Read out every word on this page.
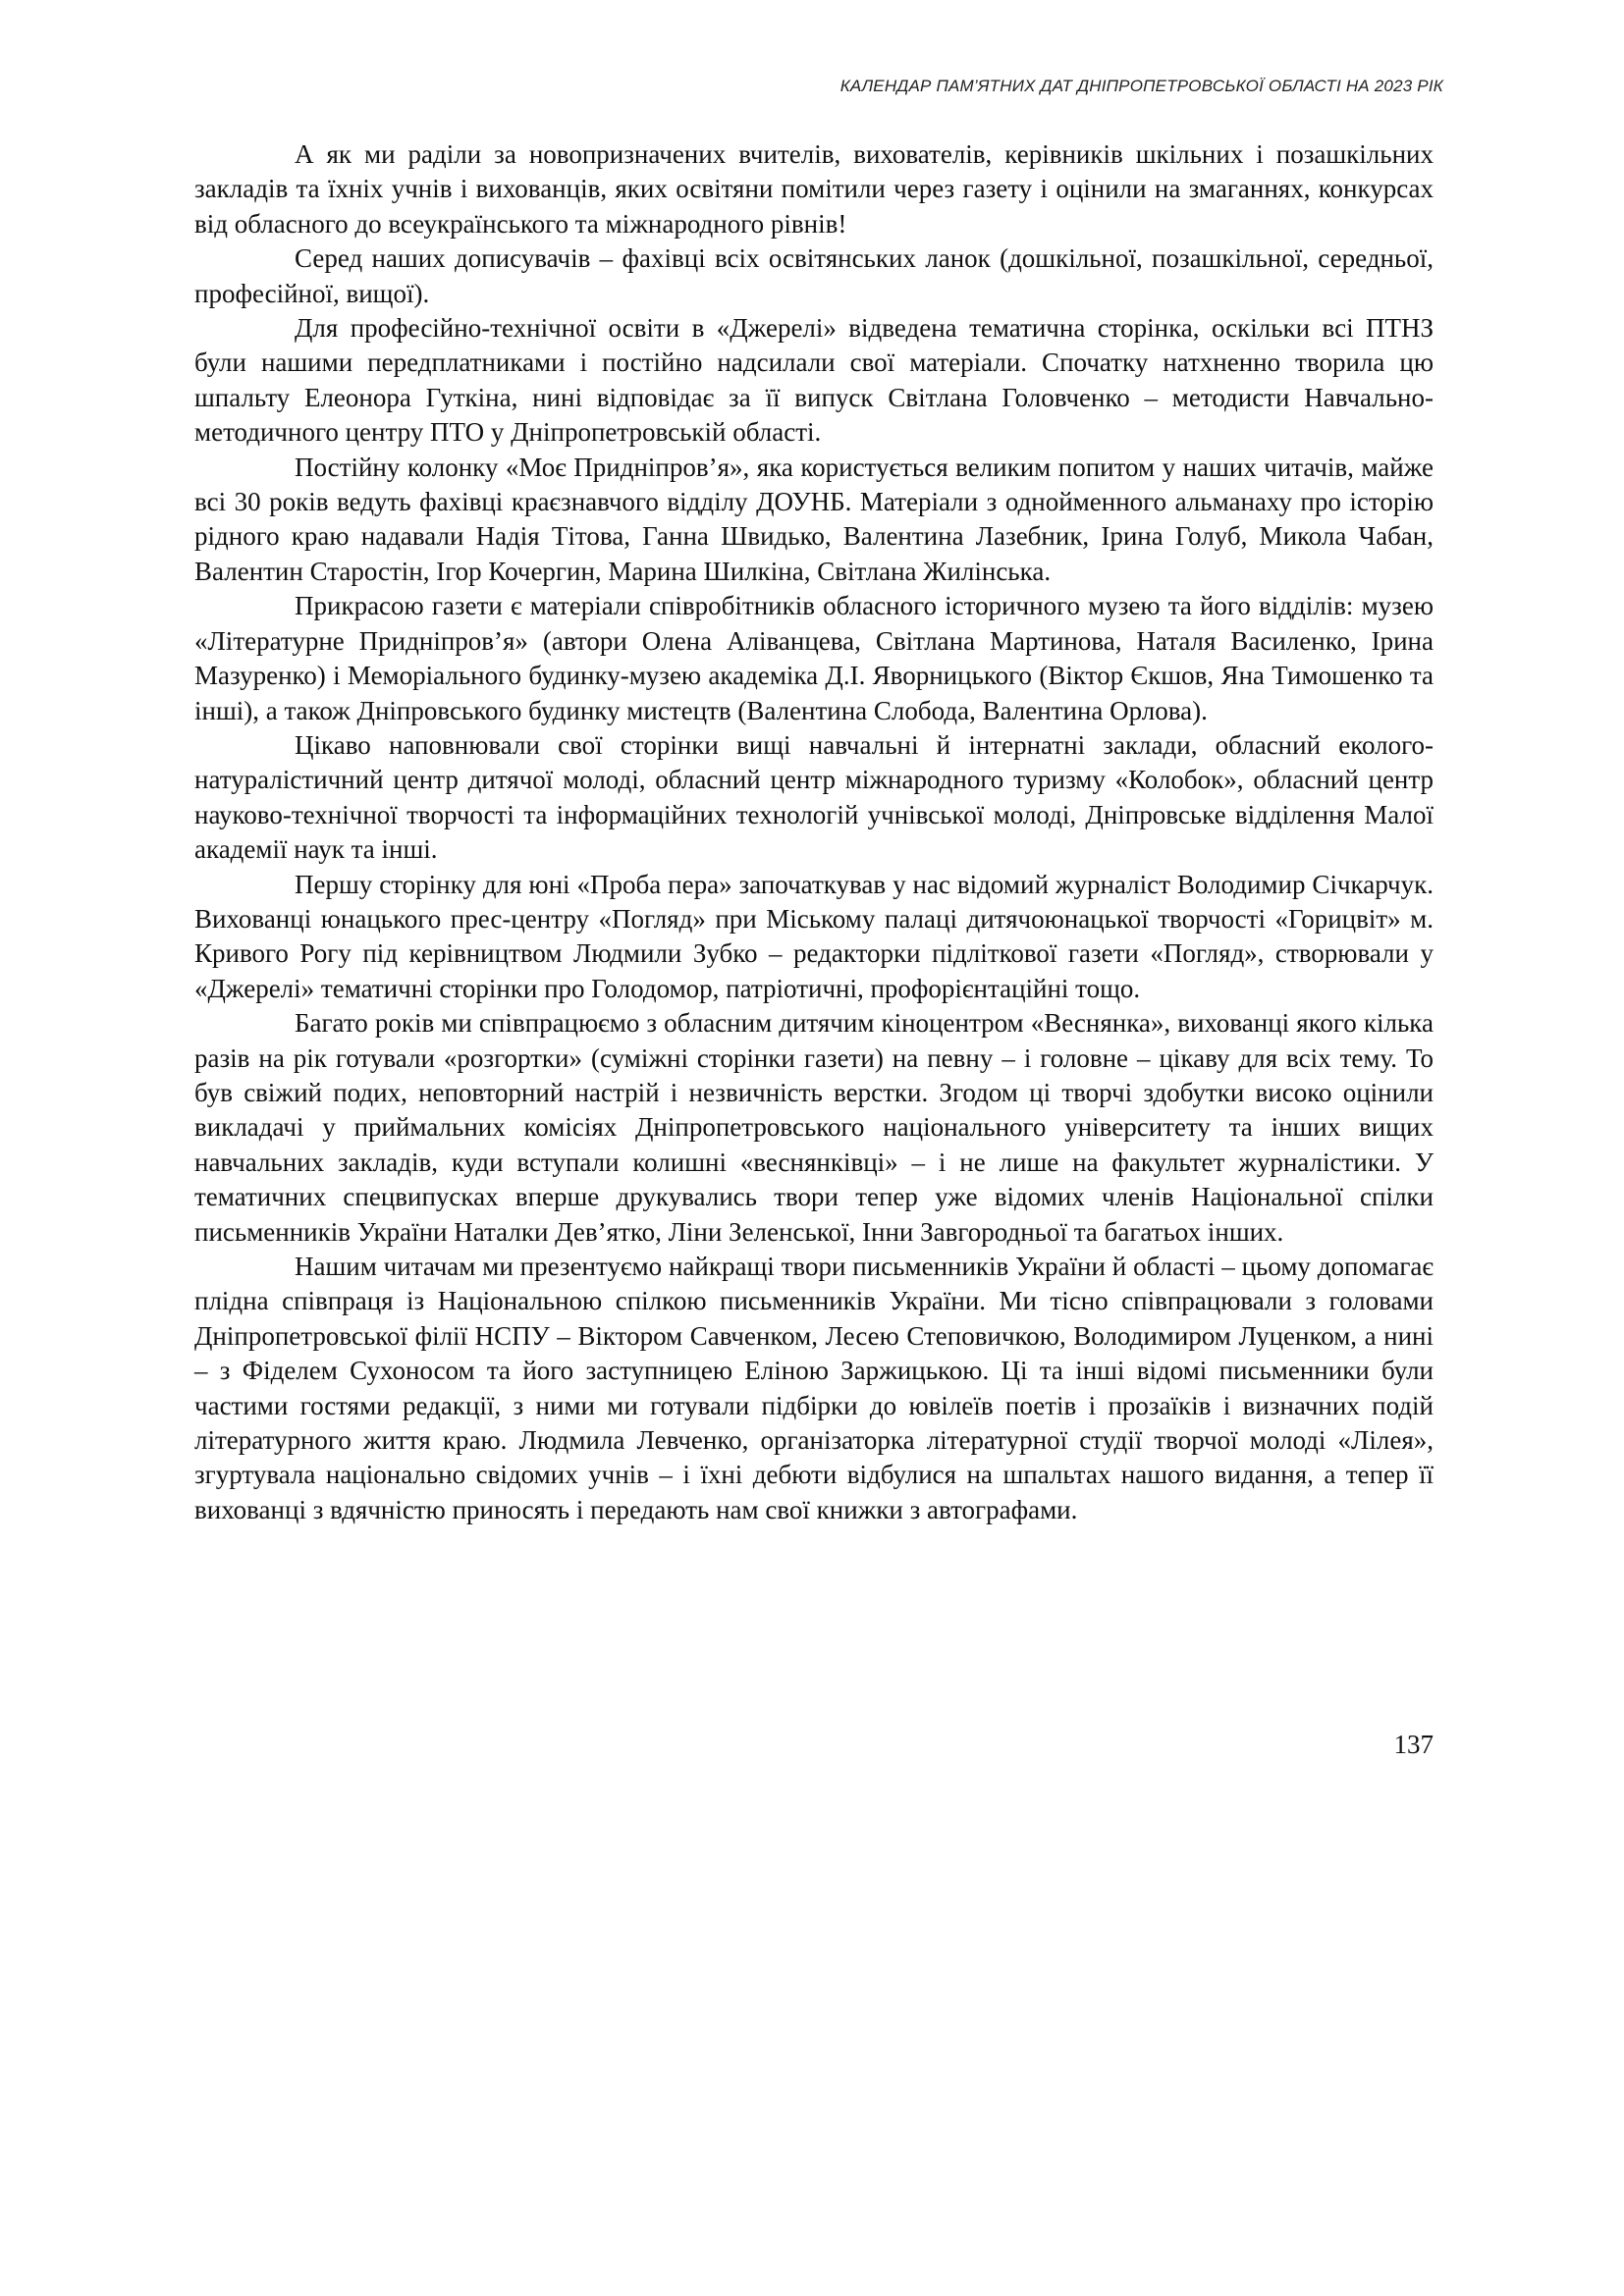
КАЛЕНДАР ПАМ’ЯТНИХ ДАТ ДНІПРОПЕТРОВСЬКОЇ ОБЛАСТІ НА 2023 РІК

А як ми раділи за новопризначених вчителів, вихователів, керівників шкільних і позашкільних закладів та їхніх учнів і вихованців, яких освітяни помітили через газету і оцінили на змаганнях, конкурсах від обласного до всеукраїнського та міжнародного рівнів!

Серед наших дописувачів – фахівці всіх освітянських ланок (дошкільної, позашкільної, середньої, професійної, вищої).

Для професійно-технічної освіти в «Джерелі» відведена тематична сторінка, оскільки всі ПТНЗ були нашими передплатниками і постійно надсилали свої матеріали. Спочатку натхненно творила цю шпальту Елеонора Гуткіна, нині відповідає за її випуск Світлана Головченко – методисти Навчально-методичного центру ПТО у Дніпропетровській області.

Постійну колонку «Моє Придніпров’я», яка користується великим попитом у наших читачів, майже всі 30 років ведуть фахівці краєзнавчого відділу ДОУНБ. Матеріали з однойменного альманаху про історію рідного краю надавали Надія Тітова, Ганна Швидько, Валентина Лазебник, Ірина Голуб, Микола Чабан, Валентин Старостін, Ігор Кочергин, Марина Шилкіна, Світлана Жилінська.

Прикрасою газети є матеріали співробітників обласного історичного музею та його відділів: музею «Літературне Придніпров’я» (автори Олена Аліванцева, Світлана Мартинова, Наталя Василенко, Ірина Мазуренко) і Меморіального будинку-музею академіка Д.І. Яворницького (Віктор Єкшов, Яна Тимошенко та інші), а також Дніпровського будинку мистецтв (Валентина Слобода, Валентина Орлова).

Цікаво наповнювали свої сторінки вищі навчальні й інтернатні заклади, обласний еколого-натуралістичний центр дитячої молоді, обласний центр міжнародного туризму «Колобок», обласний центр науково-технічної творчості та інформаційних технологій учнівської молоді, Дніпровське відділення Малої академії наук та інші.

Першу сторінку для юні «Проба пера» започаткував у нас відомий журналіст Володимир Січкарчук. Вихованці юнацького прес-центру «Погляд» при Міському палаці дитячоюнацької творчості «Горицвіт» м. Кривого Рогу під керівництвом Людмили Зубко – редакторки підліткової газети «Погляд», створювали у «Джерелі» тематичні сторінки про Голодомор, патріотичні, профорієнтаційні тощо.

Багато років ми співпрацюємо з обласним дитячим кіноцентром «Веснянка», вихованці якого кілька разів на рік готували «розгортки» (суміжні сторінки газети) на певну – і головне – цікаву для всіх тему. То був свіжий подих, неповторний настрій і незвичність верстки. Згодом ці творчі здобутки високо оцінили викладачі у приймальних комісіях Дніпропетровського національного університету та інших вищих навчальних закладів, куди вступали колишні «веснянківці» – і не лише на факультет журналістики. У тематичних спецвипусках вперше друкувались твори тепер уже відомих членів Національної спілки письменників України Наталки Дев’ятко, Ліни Зеленської, Інни Завгородньої та багатьох інших.

Нашим читачам ми презентуємо найкращі твори письменників України й області – цьому допомагає плідна співпраця із Національною спілкою письменників України. Ми тісно співпрацювали з головами Дніпропетровської філії НСПУ – Віктором Савченком, Лесею Степовичкою, Володимиром Луценком, а нині – з Фіделем Сухоносом та його заступницею Еліною Заржицькою. Ці та інші відомі письменники були частими гостями редакції, з ними ми готували підбірки до ювілеїв поетів і прозаїків і визначних подій літературного життя краю. Людмила Левченко, організаторка літературної студії творчої молоді «Лілея», згуртувала національно свідомих учнів – і їхні дебюти відбулися на шпальтах нашого видання, а тепер її вихованці з вдячністю приносять і передають нам свої книжки з автографами.

137
